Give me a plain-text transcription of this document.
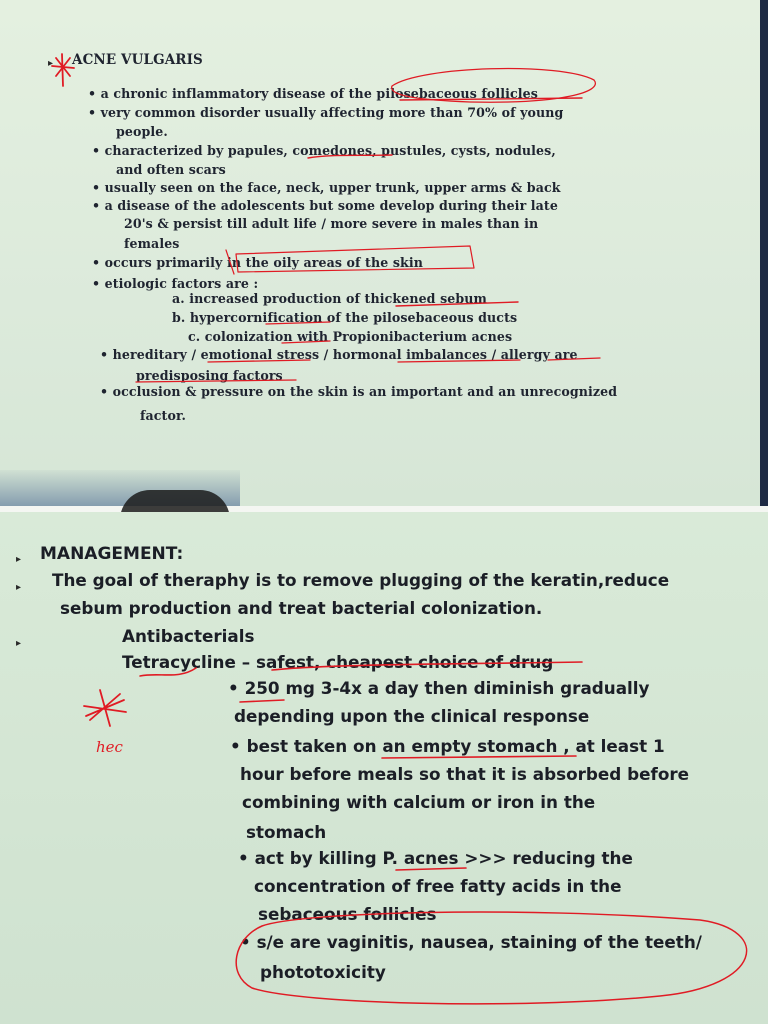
▸ ACNE VULGARIS
• a chronic inflammatory disease of the pilosebaceous follicles
• very common disorder usually affecting more than 70% of young
people.
• characterized by papules, comedones, pustules, cysts, nodules,
and often scars
• usually seen on the face, neck, upper trunk, upper arms & back
• a disease of the adolescents but some develop during their late
20's & persist till adult life / more severe in males than in
females
• occurs primarily in the oily areas of the skin
• etiologic factors are :
a. increased production of thickened sebum
b. hypercornification of the pilosebaceous ducts
c. colonization with Propionibacterium acnes
• hereditary / emotional stress / hormonal imbalances / allergy are
predisposing factors
• occlusion & pressure on the skin is an important and an unrecognized
factor.
▸ MANAGEMENT:
▸ The goal of theraphy is to remove plugging of the keratin,reduce
sebum production and treat bacterial colonization.
▸	Antibacterials
Tetracycline – safest, cheapest choice of drug
• 250 mg 3-4x a day then diminish gradually
depending upon the clinical response
• best taken on an empty stomach , at least 1
hour before meals so that it is absorbed before
combining with calcium or iron in the
stomach
• act by killing P. acnes >>> reducing the
concentration of free fatty acids in the
sebaceous follicles
• s/e are vaginitis, nausea, staining of the teeth/
phototoxicity
hec
